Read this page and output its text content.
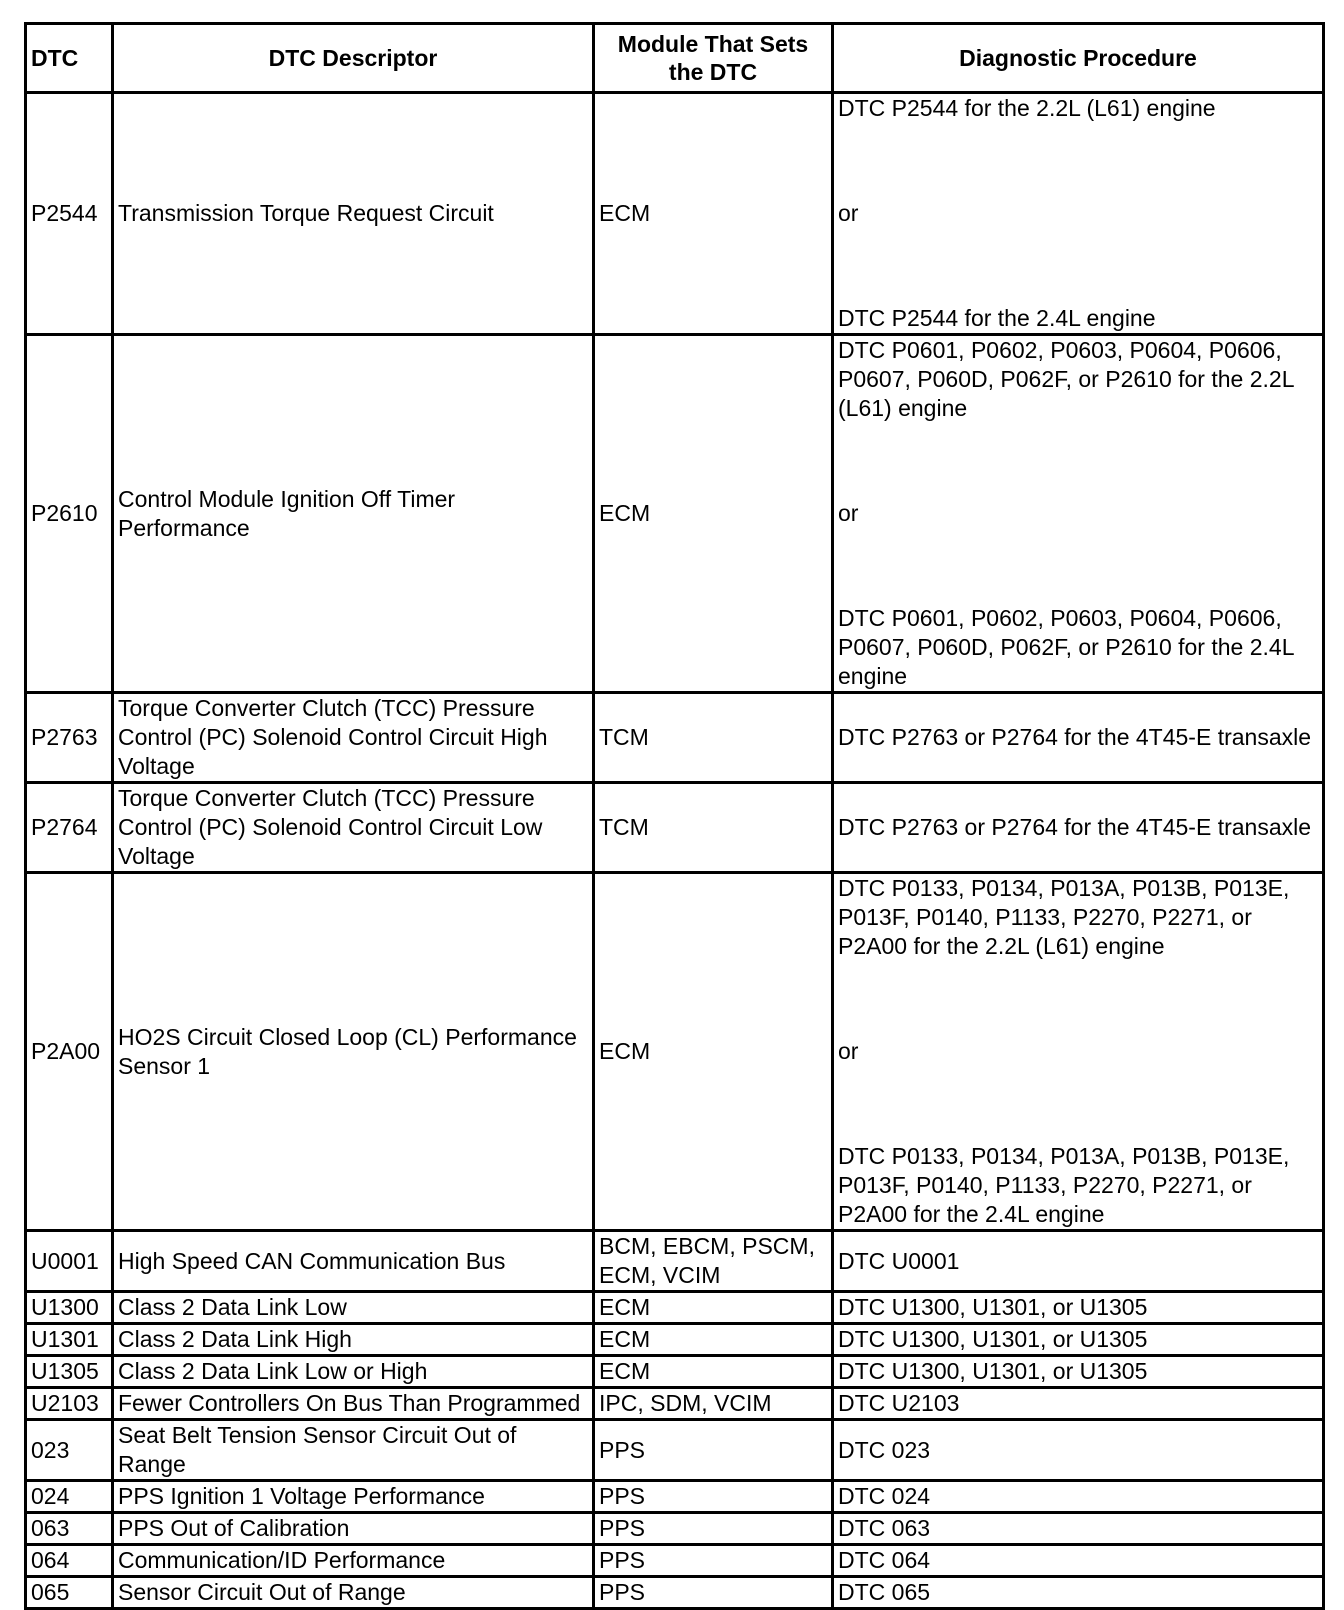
DTC	DTC Descriptor	Module That Sets the DTC	Diagnostic Procedure
P2544	Transmission Torque Request Circuit	ECM	DTC P2544 for the 2.2L (L61) engine
or
DTC P2544 for the 2.4L engine

P2610	Control Module Ignition Off Timer Performance	ECM	DTC P0601, P0602, P0603, P0604, P0606, P0607, P060D, P062F, or P2610 for the 2.2L (L61) engine
or
DTC P0601, P0602, P0603, P0604, P0606, P0607, P060D, P062F, or P2610 for the 2.4L engine

P2763	Torque Converter Clutch (TCC) Pressure Control (PC) Solenoid Control Circuit High Voltage	TCM	DTC P2763 or P2764 for the 4T45-E transaxle

P2764	Torque Converter Clutch (TCC) Pressure Control (PC) Solenoid Control Circuit Low Voltage	TCM	DTC P2763 or P2764 for the 4T45-E transaxle

P2A00	HO2S Circuit Closed Loop (CL) Performance Sensor 1	ECM	DTC P0133, P0134, P013A, P013B, P013E, P013F, P0140, P1133, P2270, P2271, or P2A00 for the 2.2L (L61) engine
or
DTC P0133, P0134, P013A, P013B, P013E, P013F, P0140, P1133, P2270, P2271, or P2A00 for the 2.4L engine

U0001	High Speed CAN Communication Bus	BCM, EBCM, PSCM, ECM, VCIM	DTC U0001

U1300	Class 2 Data Link Low	ECM	DTC U1300, U1301, or U1305

U1301	Class 2 Data Link High	ECM	DTC U1300, U1301, or U1305

U1305	Class 2 Data Link Low or High	ECM	DTC U1300, U1301, or U1305

U2103	Fewer Controllers On Bus Than Programmed	IPC, SDM, VCIM	DTC U2103

023	Seat Belt Tension Sensor Circuit Out of Range	PPS	DTC 023

024	PPS Ignition 1 Voltage Performance	PPS	DTC 024

063	PPS Out of Calibration	PPS	DTC 063

064	Communication/ID Performance	PPS	DTC 064

065	Sensor Circuit Out of Range	PPS	DTC 065
